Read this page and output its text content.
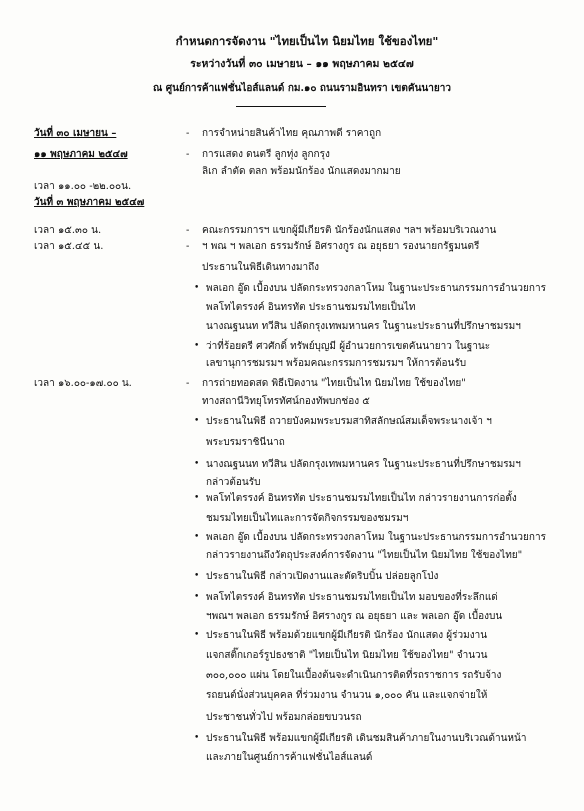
กำหนดการจัดงาน "ไทยเป็นไท นิยมไทย ใช้ของไทย"
ระหว่างวันที่ ๓๐ เมษายน – ๑๑ พฤษภาคม ๒๕๔๗
ณ ศูนย์การค้าแฟชั่นไอส์แลนด์ กม.๑๐ ถนนรามอินทรา เขตคันนายาว
วันที่ ๓๐ เมษายน –
๑๑ พฤษภาคม ๒๕๔๗
เวลา ๑๑.๐๐ -๒๒.๐๐น.
วันที่ ๓ พฤษภาคม ๒๕๔๗
เวลา ๑๕.๓๐ น.
เวลา ๑๕.๔๕ น.
เวลา ๑๖.๐๐-๑๗.๐๐ น.
-
-
-
-
-
•
•
•
•
•
•
•
•
•
•
การจำหน่ายสินค้าไทย คุณภาพดี ราคาถูก
การแสดง ดนตรี ลูกทุ่ง ลูกกรุง
ลิเก ลำตัด ตลก พร้อมนักร้อง นักแสดงมากมาย
คณะกรรมการฯ แขกผู้มีเกียรติ นักร้องนักแสดง ฯลฯ พร้อมบริเวณงาน
ฯ พณ ฯ พลเอก ธรรมรักษ์ อิศรางกูร ณ อยุธยา รองนายกรัฐมนตรี
ประธานในพิธีเดินทางมาถึง
พลเอก อู๊ด เบื้องบน ปลัดกระทรวงกลาโหม ในฐานะประธานกรรมการอำนวยการ
พลโทไตรรงค์ อินทรทัต ประธานชมรมไทยเป็นไท
นางณฐนนท ทวีสิน ปลัดกรุงเทพมหานคร ในฐานะประธานที่ปรึกษาชมรมฯ
ว่าที่ร้อยตรี ศวศักดิ์ ทรัพย์บุญมี ผู้อำนวยการเขตคันนายาว ในฐานะ
เลขานุการชมรมฯ พร้อมคณะกรรมการชมรมฯ ให้การต้อนรับ
การถ่ายทอดสด พิธีเปิดงาน "ไทยเป็นไท นิยมไทย ใช้ของไทย"
ทางสถานีวิทยุโทรทัศน์กองทัพบกช่อง ๕
ประธานในพิธี ถวายบังคมพระบรมสาทิสลักษณ์สมเด็จพระนางเจ้า ฯ
พระบรมราชินีนาถ
นางณฐนนท ทวีสิน ปลัดกรุงเทพมหานคร ในฐานะประธานที่ปรึกษาชมรมฯ
กล่าวต้อนรับ
พลโทไตรรงค์ อินทรทัต ประธานชมรมไทยเป็นไท กล่าวรายงานการก่อตั้ง
ชมรมไทยเป็นไทและการจัดกิจกรรมของชมรมฯ
พลเอก อู๊ด เบื้องบน ปลัดกระทรวงกลาโหม ในฐานะประธานกรรมการอำนวยการ
กล่าวรายงานถึงวัตถุประสงค์การจัดงาน "ไทยเป็นไท นิยมไทย ใช้ของไทย"
ประธานในพิธี กล่าวเปิดงานและตัดริบบิ้น ปล่อยลูกโป่ง
พลโทไตรรงค์ อินทรทัต ประธานชมรมไทยเป็นไท มอบของที่ระลึกแด่
ฯพณฯ พลเอก ธรรมรักษ์ อิศรางกูร ณ อยุธยา และ พลเอก อู๊ด เบื้องบน
ประธานในพิธี พร้อมด้วยแขกผู้มีเกียรติ นักร้อง นักแสดง ผู้ร่วมงาน
แจกสติ๊กเกอร์รูปธงชาติ "ไทยเป็นไท นิยมไทย ใช้ของไทย" จำนวน
๓๐๐,๐๐๐ แผ่น โดยในเบื้องต้นจะดำเนินการติดที่รถราชการ รถรับจ้าง
รถยนต์นั่งส่วนบุคคล ที่ร่วมงาน จำนวน ๑,๐๐๐ คัน และแจกจ่ายให้
ประชาชนทั่วไป พร้อมกล่อยขบวนรถ
ประธานในพิธี พร้อมแขกผู้มีเกียรติ เดินชมสินค้าภายในงานบริเวณด้านหน้า
และภายในศูนย์การค้าแฟชั่นไอส์แลนด์
